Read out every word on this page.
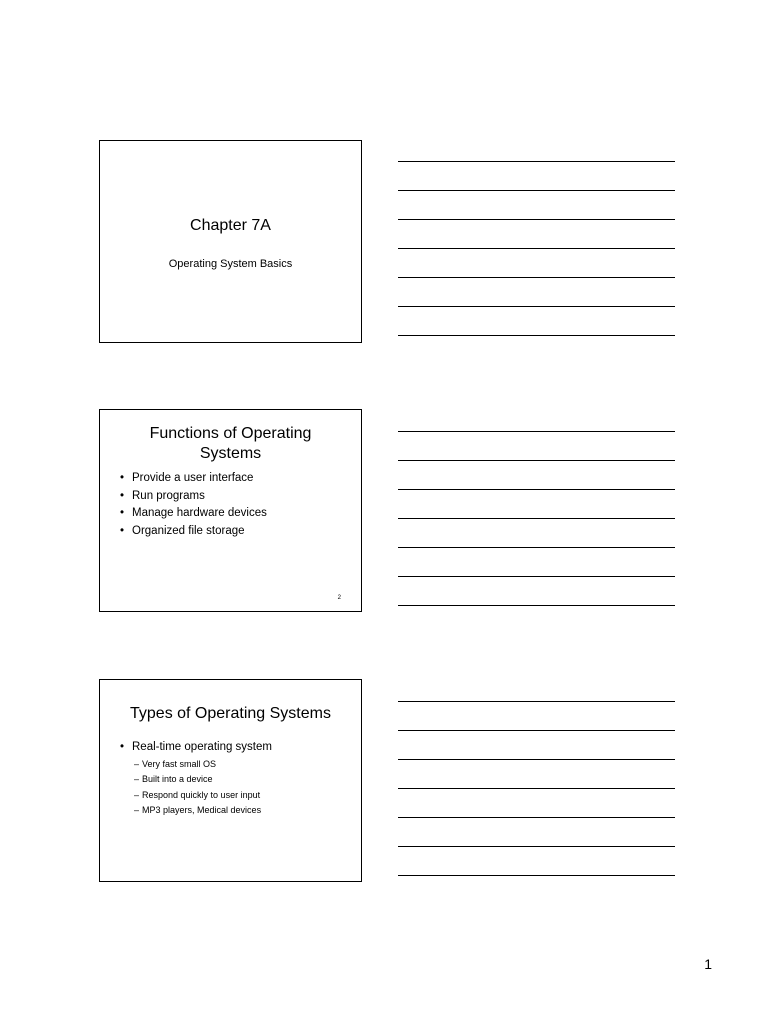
Chapter 7A
Operating System Basics
Functions of Operating
Systems
• Provide a user interface
• Run programs
• Manage hardware devices
• Organized file storage
2
Types of Operating Systems
• Real-time operating system
– Very fast small OS
– Built into a device
– Respond quickly to user input
– MP3 players, Medical devices
1
